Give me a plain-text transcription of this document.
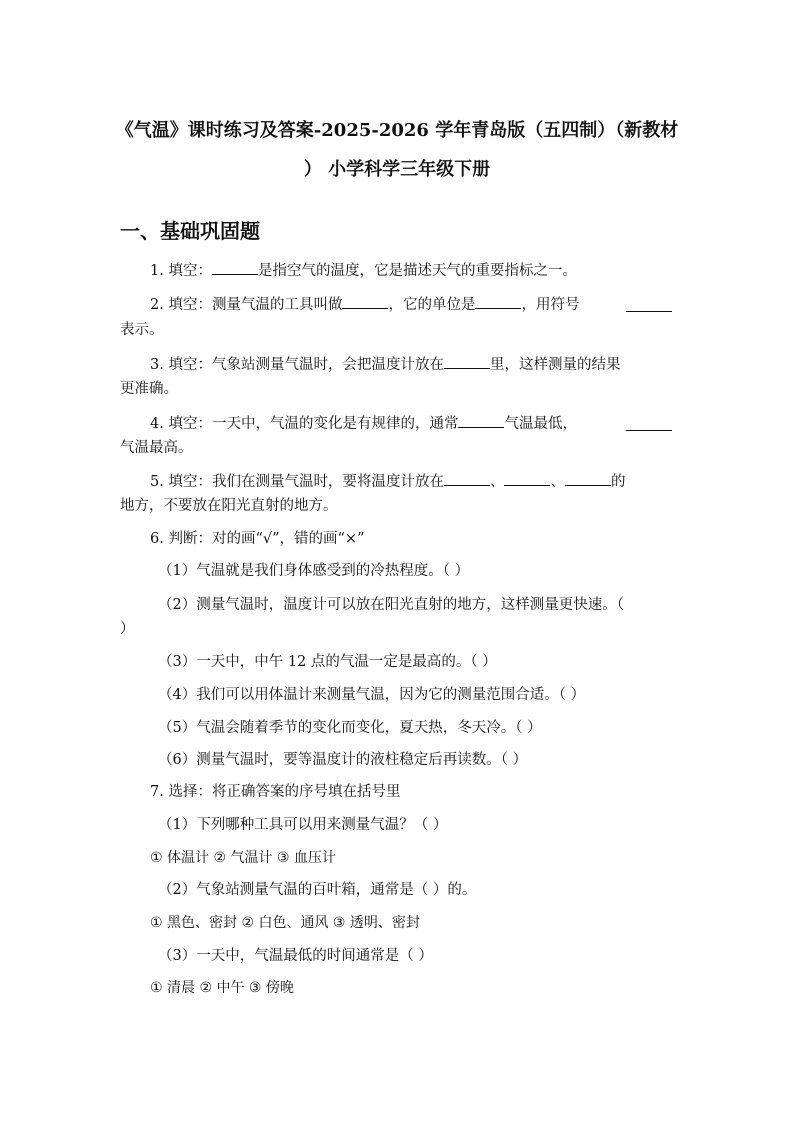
《气温》课时练习及答案-2025-2026 学年青岛版（五四制）（新教材
） 小学科学三年级下册
一、基础巩固题
1. 填空：	是指空气的温度，它是描述天气的重要指标之一。
2. 填空：测量气温的工具叫做	，它的单位是	，用符号
表示。
3. 填空：气象站测量气温时，会把温度计放在	里，这样测量的结果
更准确。
4. 填空：一天中，气温的变化是有规律的，通常	气温最低，
气温最高。
5. 填空：我们在测量气温时，要将温度计放在	、	、	的
地方，不要放在阳光直射的地方。
6. 判断：对的画“√”，错的画“×”
（1）气温就是我们身体感受到的冷热程度。（ ）
（2）测量气温时，温度计可以放在阳光直射的地方，这样测量更快速。（
）
（3）一天中，中午 12 点的气温一定是最高的。（ ）
（4）我们可以用体温计来测量气温，因为它的测量范围合适。（ ）
（5）气温会随着季节的变化而变化，夏天热，冬天冷。（ ）
（6）测量气温时，要等温度计的液柱稳定后再读数。（ ）
7. 选择：将正确答案的序号填在括号里
（1）下列哪种工具可以用来测量气温？（ ）
① 体温计 ② 气温计 ③ 血压计
（2）气象站测量气温的百叶箱，通常是（ ）的。
① 黑色、密封 ② 白色、通风 ③ 透明、密封
（3）一天中，气温最低的时间通常是（ ）
① 清晨 ② 中午 ③ 傍晚
